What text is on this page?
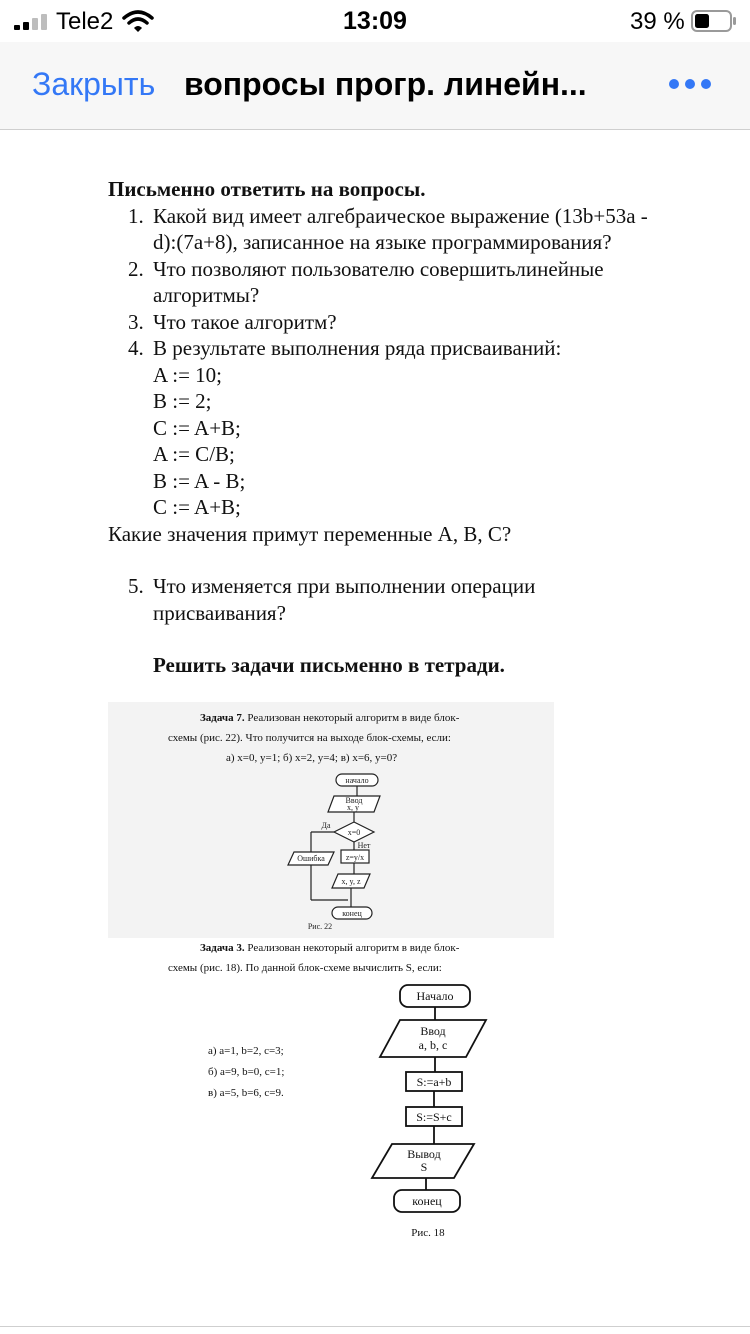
Tele2	13:09	39 %
Закрыть вопросы прогр. линейн...
Письменно ответить на вопросы.
1. Какой вид имеет алгебраическое выражение (13b+53a -
d):(7a+8), записанное на языке программирования?
2. Что позволяют пользователю совершитьлинейные
алгоритмы?
3. Что такое алгоритм?
4. В результате выполнения ряда присваиваний:
A := 10;
B := 2;
C := A+B;
A := C/B;
B := A - B;
C := A+B;
Какие значения примут переменные A, B, C?
5. Что изменяется при выполнении операции
присваивания?
Решить задачи письменно в тетради.
Задача 7. Реализован некоторый алгоритм в виде блок-
схемы (рис. 22). Что получится на выходе блок-схемы, если:
а) x=0, y=1; б) x=2, y=4; в) x=6, y=0?
начало
Ввод
x, y
x=0
Да
Нет
Ошибка	z=y/x
x, y, z
конец
Рис. 22
Задача 3. Реализован некоторый алгоритм в виде блок-
схемы (рис. 18). По данной блок-схеме вычислить S, если:
а) a=1, b=2, c=3;
б) a=9, b=0, c=1;
в) a=5, b=6, c=9.
Начало
Ввод
a, b, c
S:=a+b
S:=S+c
Вывод
S
конец
Рис. 18
